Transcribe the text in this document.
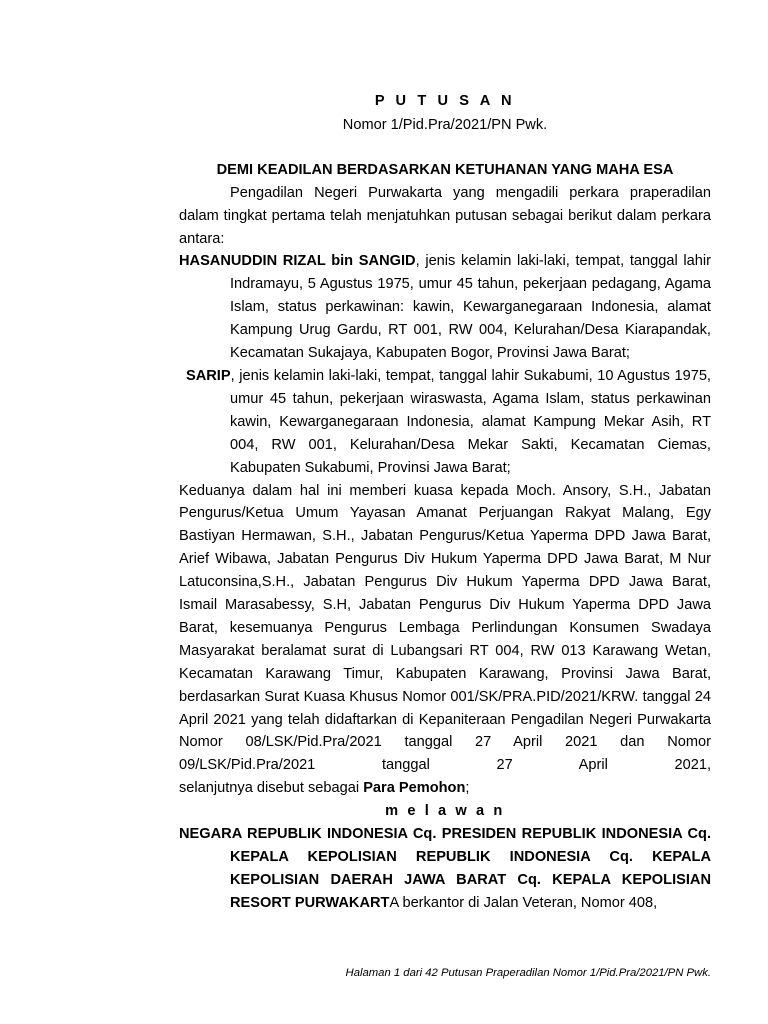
P U T U S A N

Nomor 1/Pid.Pra/2021/PN Pwk.

DEMI KEADILAN BERDASARKAN KETUHANAN YANG MAHA ESA

Pengadilan Negeri Purwakarta yang mengadili perkara praperadilan dalam tingkat pertama telah menjatuhkan putusan sebagai berikut dalam perkara antara:

HASANUDDIN RIZAL bin SANGID, jenis kelamin laki-laki, tempat, tanggal lahir Indramayu, 5 Agustus 1975, umur 45 tahun, pekerjaan pedagang, Agama Islam, status perkawinan: kawin, Kewarganegaraan Indonesia, alamat Kampung Urug Gardu, RT 001, RW 004, Kelurahan/Desa Kiarapandak, Kecamatan Sukajaya, Kabupaten Bogor, Provinsi Jawa Barat;

SARIP, jenis kelamin laki-laki, tempat, tanggal lahir Sukabumi, 10 Agustus 1975, umur 45 tahun, pekerjaan wiraswasta, Agama Islam, status perkawinan kawin, Kewarganegaraan Indonesia, alamat Kampung Mekar Asih, RT 004, RW 001, Kelurahan/Desa Mekar Sakti, Kecamatan Ciemas, Kabupaten Sukabumi, Provinsi Jawa Barat;

Keduanya dalam hal ini memberi kuasa kepada Moch. Ansory, S.H., Jabatan Pengurus/Ketua Umum Yayasan Amanat Perjuangan Rakyat Malang, Egy Bastiyan Hermawan, S.H., Jabatan Pengurus/Ketua Yaperma DPD Jawa Barat, Arief Wibawa, Jabatan Pengurus Div Hukum Yaperma DPD Jawa Barat, M Nur Latuconsina,S.H., Jabatan Pengurus Div Hukum Yaperma DPD Jawa Barat, Ismail Marasabessy, S.H, Jabatan Pengurus Div Hukum Yaperma DPD Jawa Barat, kesemuanya Pengurus Lembaga Perlindungan Konsumen Swadaya Masyarakat beralamat surat di Lubangsari RT 004, RW 013 Karawang Wetan, Kecamatan Karawang Timur, Kabupaten Karawang, Provinsi Jawa Barat, berdasarkan Surat Kuasa Khusus Nomor 001/SK/PRA.PID/2021/KRW. tanggal 24 April 2021 yang telah didaftarkan di Kepaniteraan Pengadilan Negeri Purwakarta Nomor 08/LSK/Pid.Pra/2021 tanggal 27 April 2021 dan Nomor 09/LSK/Pid.Pra/2021 tanggal 27 April 2021,

selanjutnya disebut sebagai Para Pemohon;

m e l a w a n

NEGARA REPUBLIK INDONESIA Cq. PRESIDEN REPUBLIK INDONESIA Cq. KEPALA KEPOLISIAN REPUBLIK INDONESIA Cq. KEPALA KEPOLISIAN DAERAH JAWA BARAT Cq. KEPALA KEPOLISIAN RESORT PURWAKARTA berkantor di Jalan Veteran, Nomor 408,

Halaman 1 dari 42 Putusan Praperadilan Nomor 1/Pid.Pra/2021/PN Pwk.
